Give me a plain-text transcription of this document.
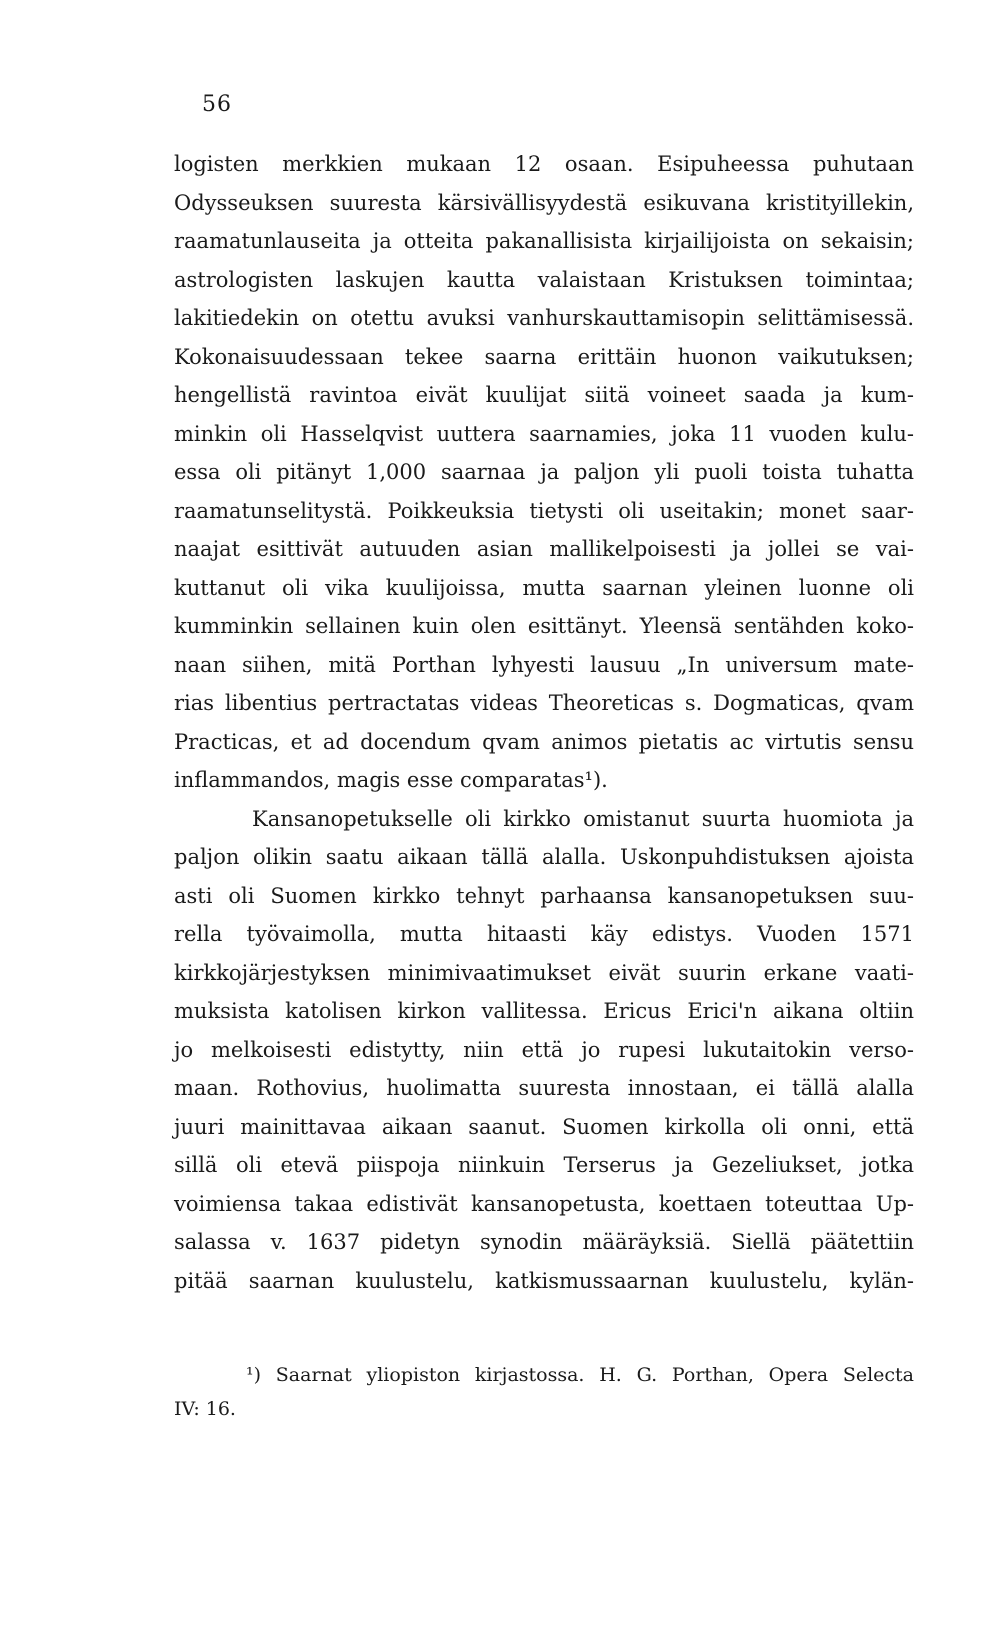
56
logisten merkkien mukaan 12 osaan. Esipuheessa puhutaan
Odysseuksen suuresta kärsivällisyydestä esikuvana kristityillekin,
raamatunlauseita ja otteita pakanallisista kirjailijoista on sekaisin;
astrologisten laskujen kautta valaistaan Kristuksen toimintaa;
lakitiedekin on otettu avuksi vanhurskauttamisopin selittämisessä.
Kokonaisuudessaan tekee saarna erittäin huonon vaikutuksen;
hengellistä ravintoa eivät kuulijat siitä voineet saada ja kum-
minkin oli Hasselqvist uuttera saarnamies, joka 11 vuoden kulu-
essa oli pitänyt 1,000 saarnaa ja paljon yli puoli toista tuhatta
raamatunselitystä. Poikkeuksia tietysti oli useitakin; monet saar-
naajat esittivät autuuden asian mallikelpoisesti ja jollei se vai-
kuttanut oli vika kuulijoissa, mutta saarnan yleinen luonne oli
kumminkin sellainen kuin olen esittänyt. Yleensä sentähden koko-
naan siihen, mitä Porthan lyhyesti lausuu „In universum mate-
rias libentius pertractatas videas Theoreticas s. Dogmaticas, qvam
Practicas, et ad docendum qvam animos pietatis ac virtutis sensu
inflammandos, magis esse comparatas¹).
Kansanopetukselle oli kirkko omistanut suurta huomiota ja
paljon olikin saatu aikaan tällä alalla. Uskonpuhdistuksen ajoista
asti oli Suomen kirkko tehnyt parhaansa kansanopetuksen suu-
rella työvaimolla, mutta hitaasti käy edistys. Vuoden 1571
kirkkojärjestyksen minimivaatimukset eivät suurin erkane vaati-
muksista katolisen kirkon vallitessa. Ericus Erici'n aikana oltiin
jo melkoisesti edistytty, niin että jo rupesi lukutaitokin versο-
maan. Rothovius, huolimatta suuresta innostaan, ei tällä alalla
juuri mainittavaa aikaan saanut. Suomen kirkolla oli onni, että
sillä oli etevä piispoja niinkuin Terserus ja Gezeliukset, jotka
voimiensa takaa edistivät kansanopetusta, koettaen toteuttaa Up-
salassa v. 1637 pidetyn synodin määräyksiä. Siellä päätettiin
pitää saarnan kuulustelu, katkismussaarnan kuulustelu, kylän-
¹) Saarnat yliopiston kirjastossa. H. G. Porthan, Opera Selecta
IV: 16.
